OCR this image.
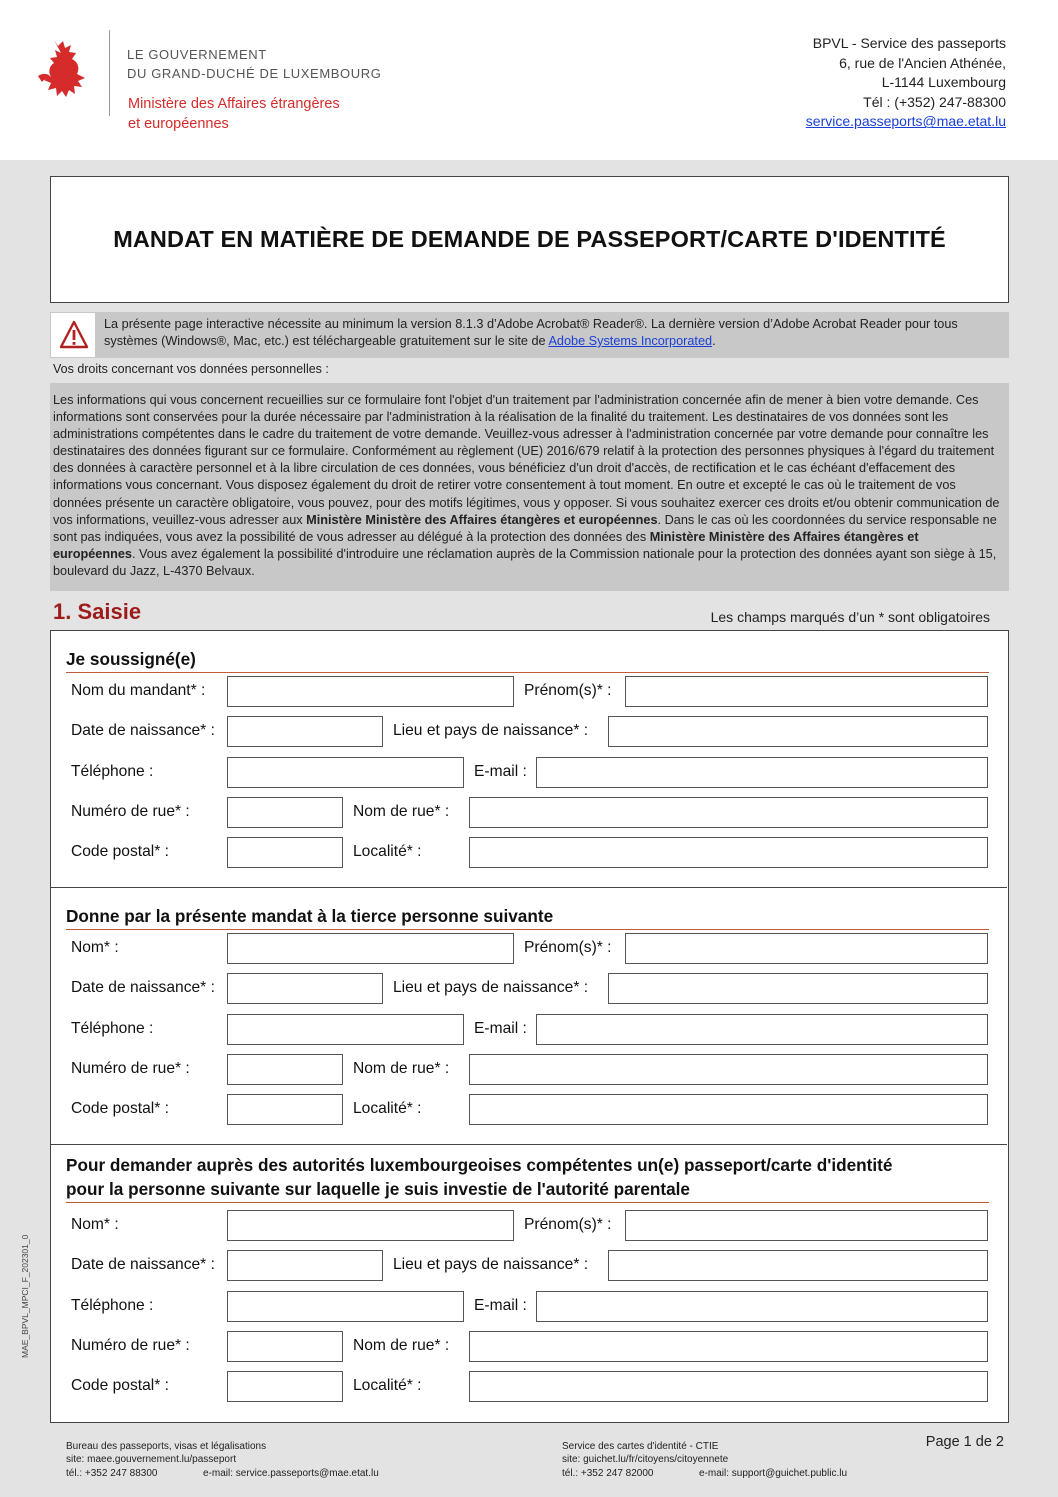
LE GOUVERNEMENT
DU GRAND-DUCHÉ DE LUXEMBOURG
Ministère des Affaires étrangères
et européennes
BPVL - Service des passeports
6, rue de l'Ancien Athénée,
L-1144 Luxembourg
Tél : (+352) 247-88300
service.passeports@mae.etat.lu
MANDAT EN MATIÈRE DE DEMANDE DE PASSEPORT/CARTE D'IDENTITÉ
La présente page interactive nécessite au minimum la version 8.1.3 d’Adobe Acrobat® Reader®. La dernière version d’Adobe Acrobat Reader pour tous systèmes (Windows®, Mac, etc.) est téléchargeable gratuitement sur le site de Adobe Systems Incorporated.
Vos droits concernant vos données personnelles :
Les informations qui vous concernent recueillies sur ce formulaire font l'objet d'un traitement par l'administration concernée afin de mener à bien votre demande. Ces informations sont conservées pour la durée nécessaire par l'administration à la réalisation de la finalité du traitement. Les destinataires de vos données sont les administrations compétentes dans le cadre du traitement de votre demande. Veuillez-vous adresser à l'administration concernée par votre demande pour connaître les destinataires des données figurant sur ce formulaire. Conformément au règlement (UE) 2016/679 relatif à la protection des personnes physiques à l'égard du traitement des données à caractère personnel et à la libre circulation de ces données, vous bénéficiez d'un droit d'accès, de rectification et le cas échéant d'effacement des informations vous concernant. Vous disposez également du droit de retirer votre consentement à tout moment. En outre et excepté le cas où le traitement de vos données présente un caractère obligatoire, vous pouvez, pour des motifs légitimes, vous y opposer. Si vous souhaitez exercer ces droits et/ou obtenir communication de vos informations, veuillez-vous adresser aux Ministère Ministère des Affaires étangères et européennes. Dans le cas où les coordonnées du service responsable ne sont pas indiquées, vous avez la possibilité de vous adresser au délégué à la protection des données des Ministère Ministère des Affaires étangères et européennes. Vous avez également la possibilité d'introduire une réclamation auprès de la Commission nationale pour la protection des données ayant son siège à 15, boulevard du Jazz, L-4370 Belvaux.
1. Saisie	Les champs marqués d’un * sont obligatoires
Je soussigné(e)
Nom du mandant* :	Prénom(s)* :
Date de naissance* :	Lieu et pays de naissance* :
Téléphone :	E-mail :
Numéro de rue* :	Nom de rue* :
Code postal* :	Localité* :
Donne par la présente mandat à la tierce personne suivante
Nom* :	Prénom(s)* :
Date de naissance* :	Lieu et pays de naissance* :
Téléphone :	E-mail :
Numéro de rue* :	Nom de rue* :
Code postal* :	Localité* :
Pour demander auprès des autorités luxembourgeoises compétentes un(e) passeport/carte d'identité
pour la personne suivante sur laquelle je suis investie de l'autorité parentale
Nom* :	Prénom(s)* :
Date de naissance* :	Lieu et pays de naissance* :
Téléphone :	E-mail :
Numéro de rue* :	Nom de rue* :
Code postal* :	Localité* :
MAE_BPVL_MPCI_F_202301_0
Bureau des passeports, visas et légalisations
site: maee.gouvernement.lu/passeport
tél.: +352 247 88300	e-mail: service.passeports@mae.etat.lu
Service des cartes d'identité - CTIE
site: guichet.lu/fr/citoyens/citoyennete
tél.: +352 247 82000	e-mail: support@guichet.public.lu
Page 1 de 2
